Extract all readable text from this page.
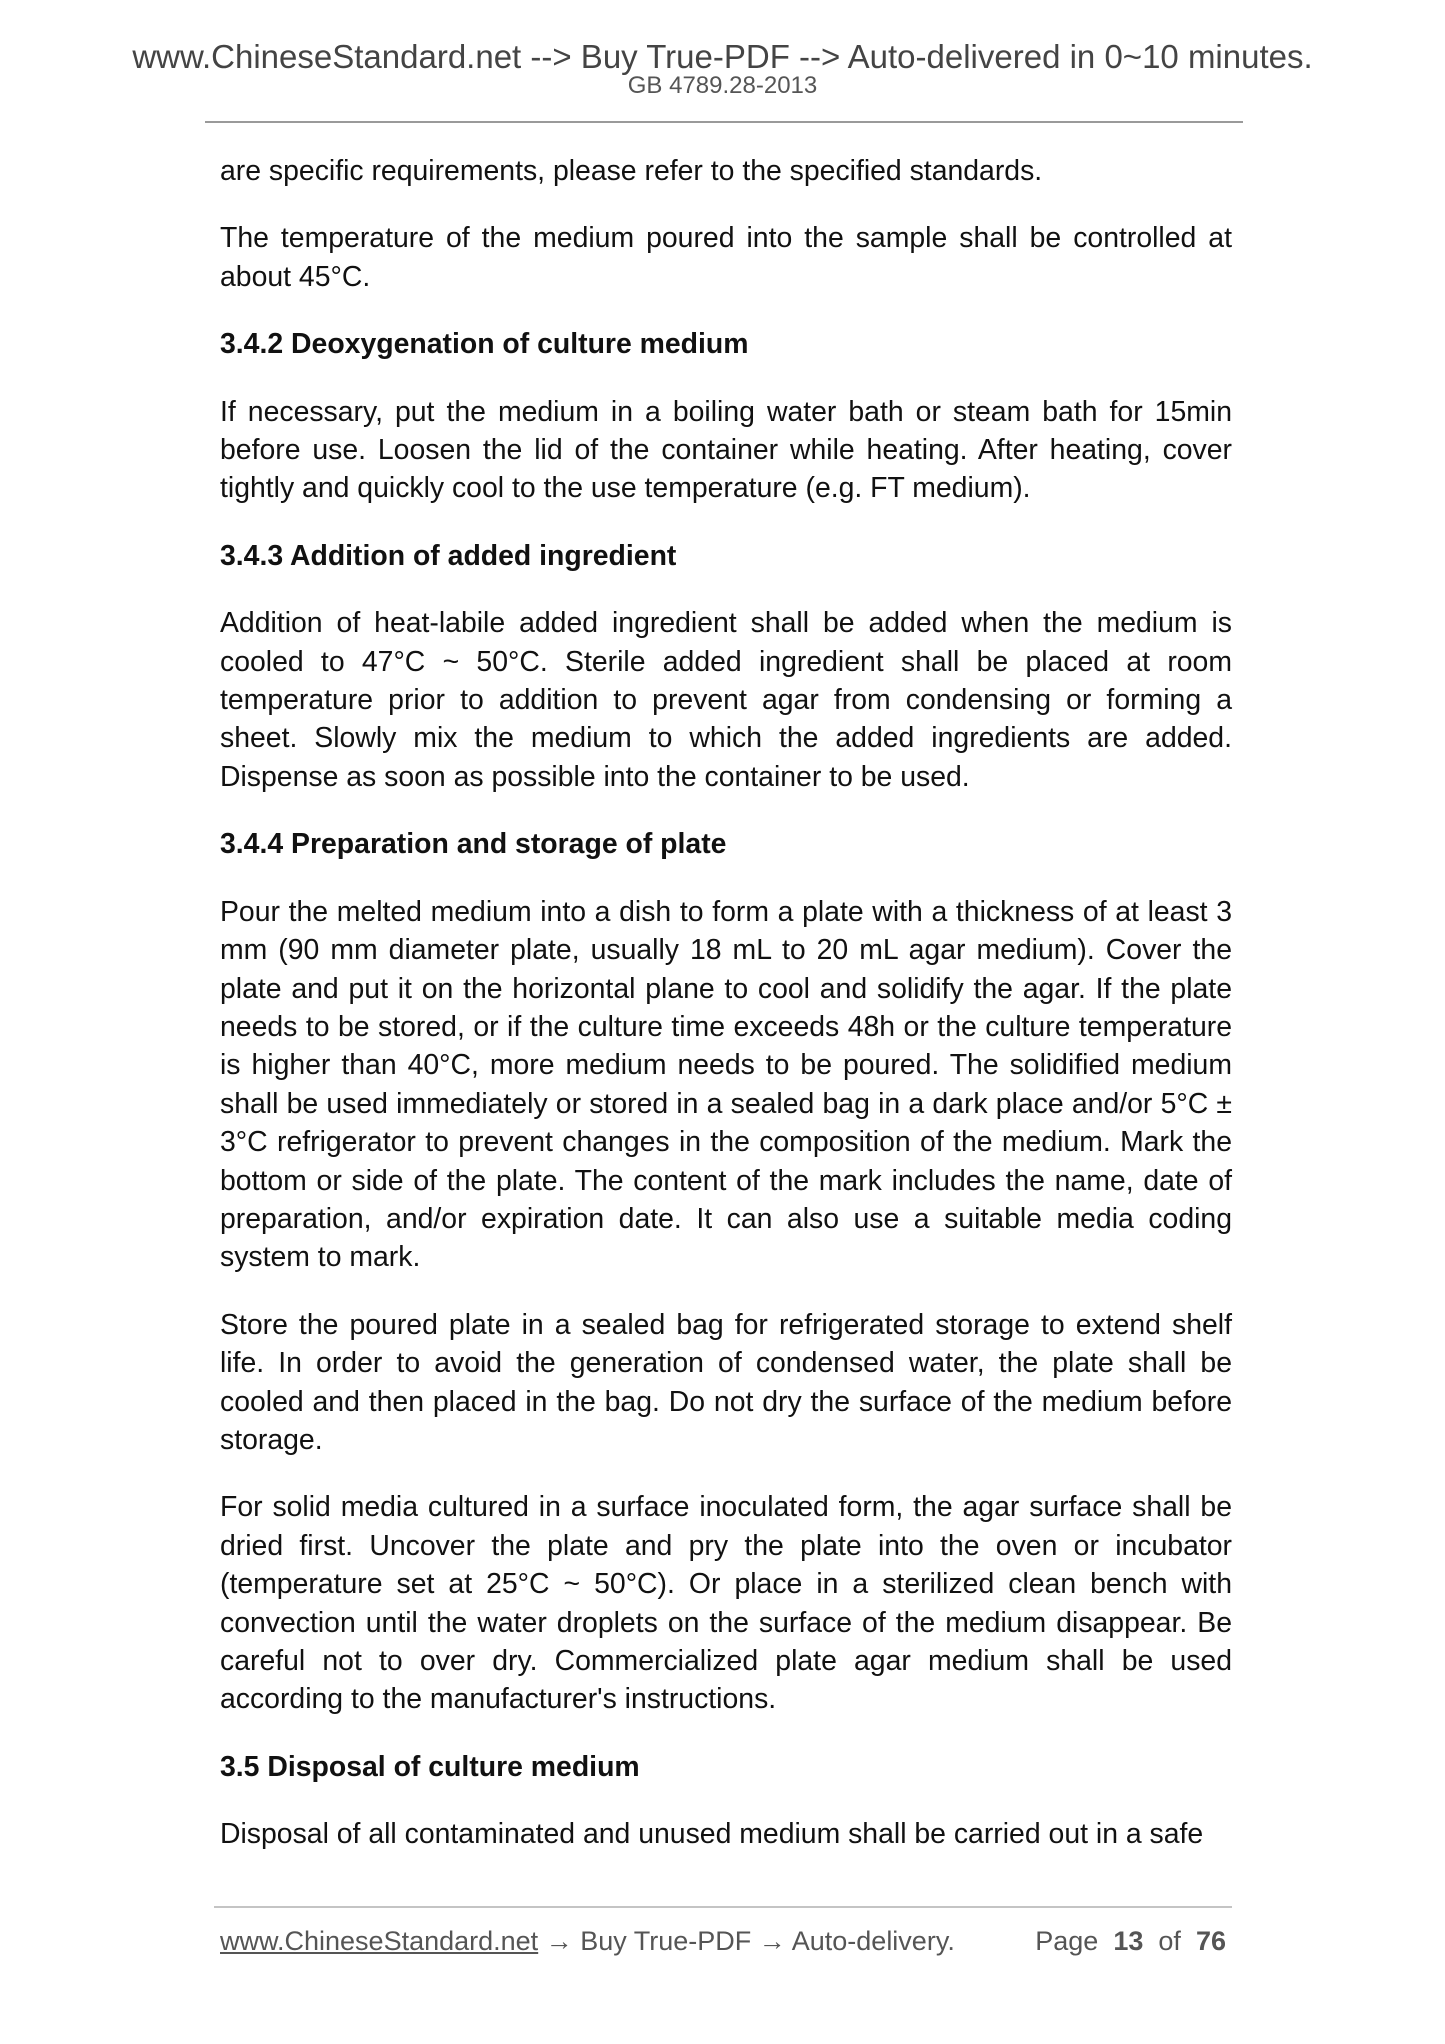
www.ChineseStandard.net --> Buy True-PDF --> Auto-delivered in 0~10 minutes.
GB 4789.28-2013

are specific requirements, please refer to the specified standards.

The temperature of the medium poured into the sample shall be controlled at about 45°C.

3.4.2 Deoxygenation of culture medium

If necessary, put the medium in a boiling water bath or steam bath for 15min before use. Loosen the lid of the container while heating. After heating, cover tightly and quickly cool to the use temperature (e.g. FT medium).

3.4.3 Addition of added ingredient

Addition of heat-labile added ingredient shall be added when the medium is cooled to 47°C ~ 50°C. Sterile added ingredient shall be placed at room temperature prior to addition to prevent agar from condensing or forming a sheet. Slowly mix the medium to which the added ingredients are added. Dispense as soon as possible into the container to be used.

3.4.4 Preparation and storage of plate

Pour the melted medium into a dish to form a plate with a thickness of at least 3 mm (90 mm diameter plate, usually 18 mL to 20 mL agar medium). Cover the plate and put it on the horizontal plane to cool and solidify the agar. If the plate needs to be stored, or if the culture time exceeds 48h or the culture temperature is higher than 40°C, more medium needs to be poured. The solidified medium shall be used immediately or stored in a sealed bag in a dark place and/or 5°C ± 3°C refrigerator to prevent changes in the composition of the medium. Mark the bottom or side of the plate. The content of the mark includes the name, date of preparation, and/or expiration date. It can also use a suitable media coding system to mark.

Store the poured plate in a sealed bag for refrigerated storage to extend shelf life. In order to avoid the generation of condensed water, the plate shall be cooled and then placed in the bag. Do not dry the surface of the medium before storage.

For solid media cultured in a surface inoculated form, the agar surface shall be dried first. Uncover the plate and pry the plate into the oven or incubator (temperature set at 25°C ~ 50°C). Or place in a sterilized clean bench with convection until the water droplets on the surface of the medium disappear. Be careful not to over dry. Commercialized plate agar medium shall be used according to the manufacturer's instructions.

3.5 Disposal of culture medium

Disposal of all contaminated and unused medium shall be carried out in a safe

www.ChineseStandard.net → Buy True-PDF → Auto-delivery.	Page 13 of 76
